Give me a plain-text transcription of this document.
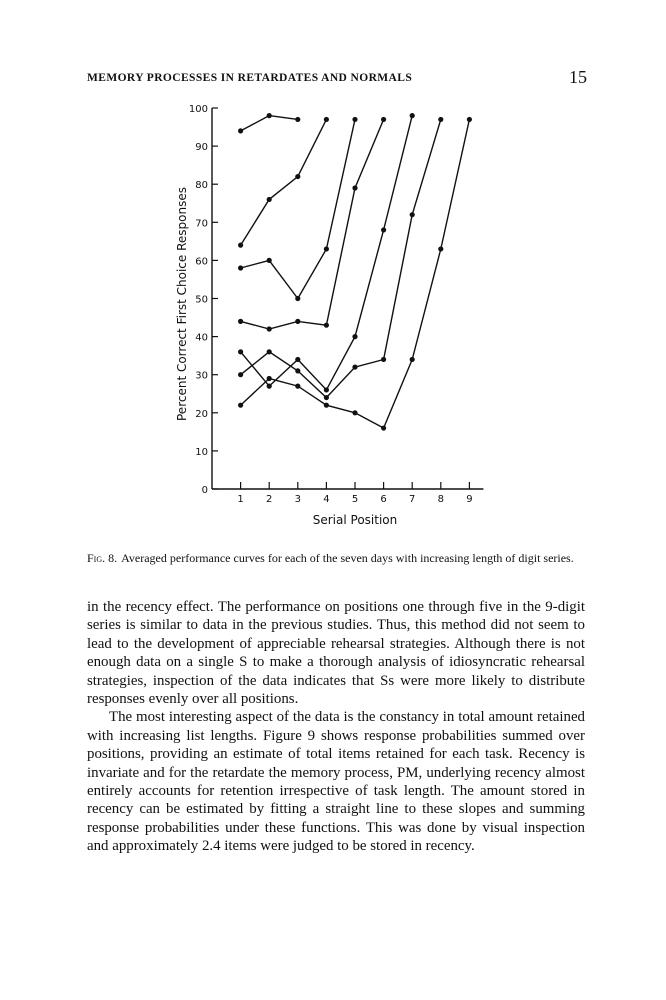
MEMORY PROCESSES IN RETARDATES AND NORMALS	15
0
10
20
30
40
50
60
70
80
90
100
1 2 3 4 5 6 7 8 9
Serial Position
Percent Correct First Choice Responses
Fig. 8. Averaged performance curves for each of the seven days with increasing length of digit series.

in the recency effect. The performance on positions one through five in the 9-digit series is similar to data in the previous studies. Thus, this method did not seem to lead to the development of appreciable rehearsal strategies. Although there is not enough data on a single S to make a thorough analysis of idiosyncratic rehearsal strategies, inspection of the data indicates that Ss were more likely to distribute responses evenly over all positions.

The most interesting aspect of the data is the constancy in total amount retained with increasing list lengths. Figure 9 shows response probabilities summed over positions, providing an estimate of total items retained for each task. Recency is invariate and for the retardate the memory process, PM, underlying recency almost entirely accounts for retention irrespective of task length. The amount stored in recency can be estimated by fitting a straight line to these slopes and summing response probabilities under these functions. This was done by visual inspection and approximately 2.4 items were judged to be stored in recency.
